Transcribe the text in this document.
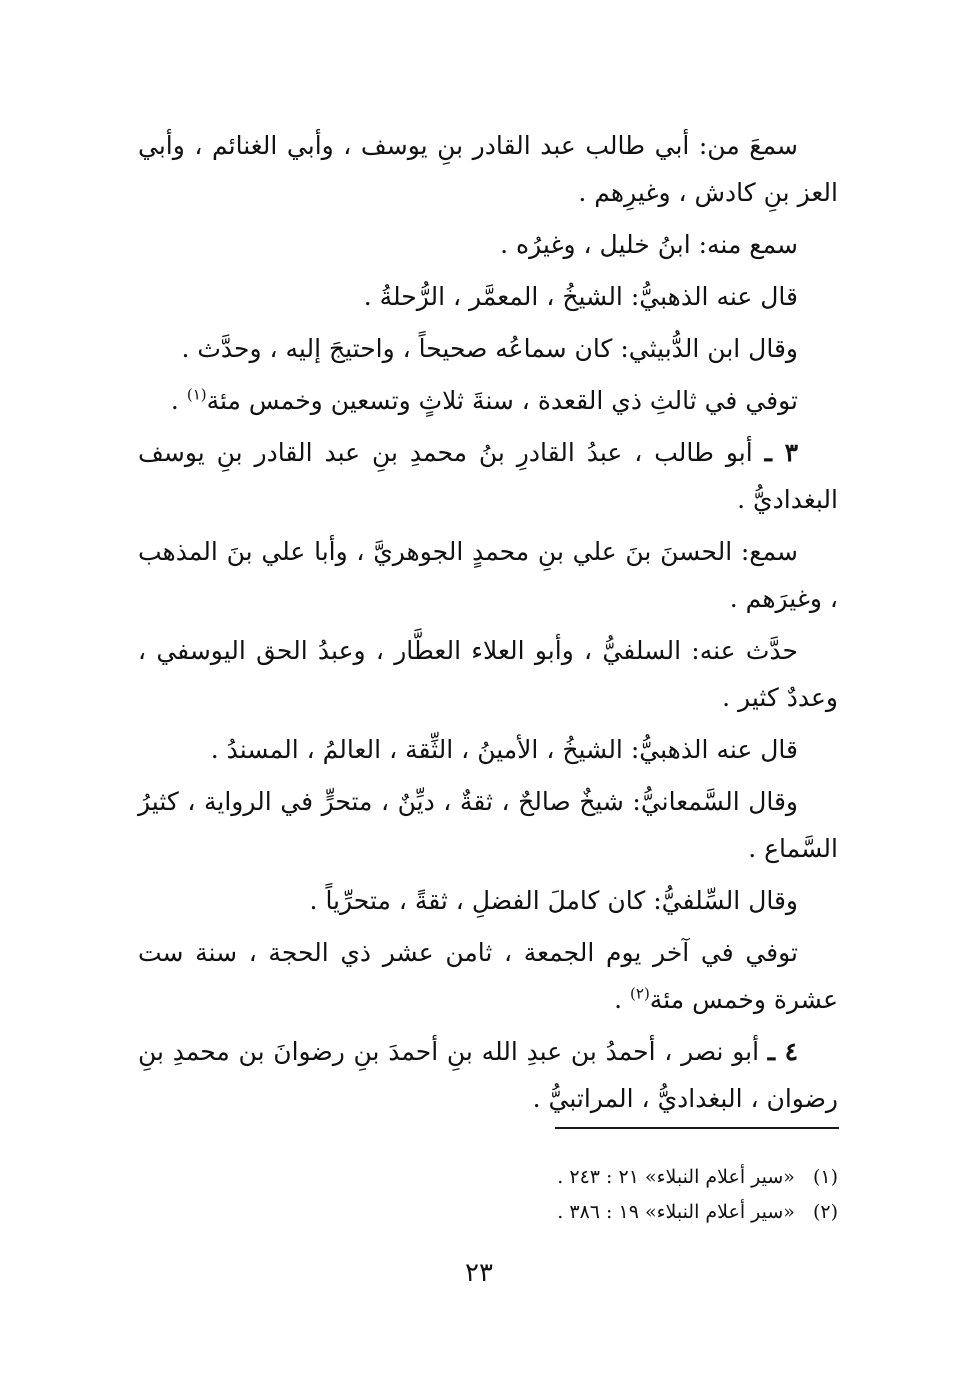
سمعَ من: أبي طالب عبد القادر بنِ يوسف ، وأبي الغنائم ، وأبي العز بنِ كادش ، وغيرِهم .

سمع منه: ابنُ خليل ، وغيرُه .

قال عنه الذهبيُّ: الشيخُ ، المعمَّر ، الرُّحلةُ .

وقال ابن الدُّبيثي: كان سماعُه صحيحاً ، واحتيجَ إليه ، وحدَّث .

توفي في ثالثِ ذي القعدة ، سنةَ ثلاثٍ وتسعين وخمس مئة$^{(١)}$ .

٣ ـ أبو طالب ، عبدُ القادرِ بنُ محمدِ بنِ عبد القادر بنِ يوسف البغداديُّ .

سمع: الحسنَ بنَ علي بنِ محمدٍ الجوهريَّ ، وأبا علي بنَ المذهب ، وغيرَهم .

حدَّث عنه: السلفيُّ ، وأبو العلاء العطَّار ، وعبدُ الحق اليوسفي ، وعددٌ كثير .

قال عنه الذهبيُّ: الشيخُ ، الأمينُ ، الثِّقة ، العالمُ ، المسندُ .

وقال السَّمعانيُّ: شيخٌ صالحٌ ، ثقةٌ ، ديِّنٌ ، متحرٍّ في الرواية ، كثيرُ السَّماع .

وقال السِّلفيُّ: كان كاملَ الفضلِ ، ثقةً ، متحرِّياً .

توفي في آخر يوم الجمعة ، ثامن عشر ذي الحجة ، سنة ست عشرة وخمس مئة$^{(٢)}$ .

٤ ـ أبو نصر ، أحمدُ بن عبدِ الله بنِ أحمدَ بنِ رضوانَ بن محمدِ بنِ رضوان ، البغداديُّ ، المراتبيُّ .

(١)«سير أعلام النبلاء» ٢١ : ٢٤٣ .

(٢)«سير أعلام النبلاء» ١٩ : ٣٨٦ .

٢٣
